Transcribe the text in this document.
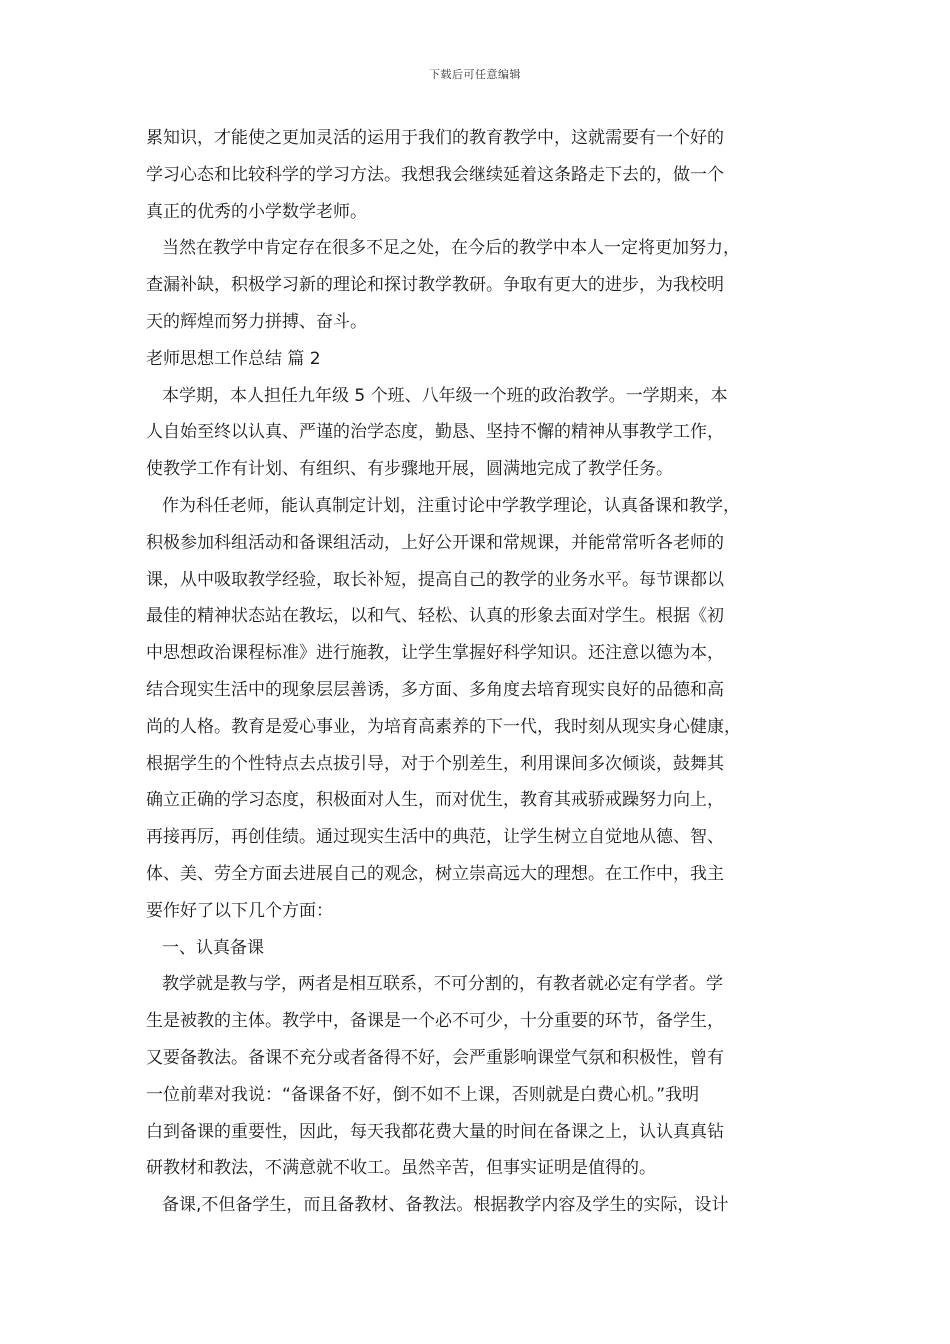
下载后可任意编辑
累知识，才能使之更加灵活的运用于我们的教育教学中，这就需要有一个好的
学习心态和比较科学的学习方法。我想我会继续延着这条路走下去的，做一个
真正的优秀的小学数学老师。
当然在教学中肯定存在很多不足之处，在今后的教学中本人一定将更加努力，
查漏补缺，积极学习新的理论和探讨教学教研。争取有更大的进步，为我校明
天的辉煌而努力拼搏、奋斗。
老师思想工作总结 篇 2
本学期，本人担任九年级 5 个班、八年级一个班的政治教学。一学期来，本
人自始至终以认真、严谨的治学态度，勤恳、坚持不懈的精神从事教学工作，
使教学工作有计划、有组织、有步骤地开展，圆满地完成了教学任务。
作为科任老师，能认真制定计划，注重讨论中学教学理论，认真备课和教学，
积极参加科组活动和备课组活动，上好公开课和常规课，并能常常听各老师的
课，从中吸取教学经验，取长补短，提高自己的教学的业务水平。每节课都以
最佳的精神状态站在教坛，以和气、轻松、认真的形象去面对学生。根据《初
中思想政治课程标准》进行施教，让学生掌握好科学知识。还注意以德为本，
结合现实生活中的现象层层善诱，多方面、多角度去培育现实良好的品德和高
尚的人格。教育是爱心事业，为培育高素养的下一代，我时刻从现实身心健康，
根据学生的个性特点去点拔引导，对于个别差生，利用课间多次倾谈，鼓舞其
确立正确的学习态度，积极面对人生，而对优生，教育其戒骄戒躁努力向上，
再接再厉，再创佳绩。通过现实生活中的典范，让学生树立自觉地从德、智、
体、美、劳全方面去进展自己的观念，树立崇高远大的理想。在工作中，我主
要作好了以下几个方面：
一、认真备课
教学就是教与学，两者是相互联系，不可分割的，有教者就必定有学者。学
生是被教的主体。教学中，备课是一个必不可少，十分重要的环节，备学生，
又要备教法。备课不充分或者备得不好，会严重影响课堂气氛和积极性，曾有
一位前辈对我说：“备课备不好，倒不如不上课，否则就是白费心机。”我明
白到备课的重要性，因此，每天我都花费大量的时间在备课之上，认认真真钻
研教材和教法，不满意就不收工。虽然辛苦，但事实证明是值得的。
备课,不但备学生，而且备教材、备教法。根据教学内容及学生的实际，设计
